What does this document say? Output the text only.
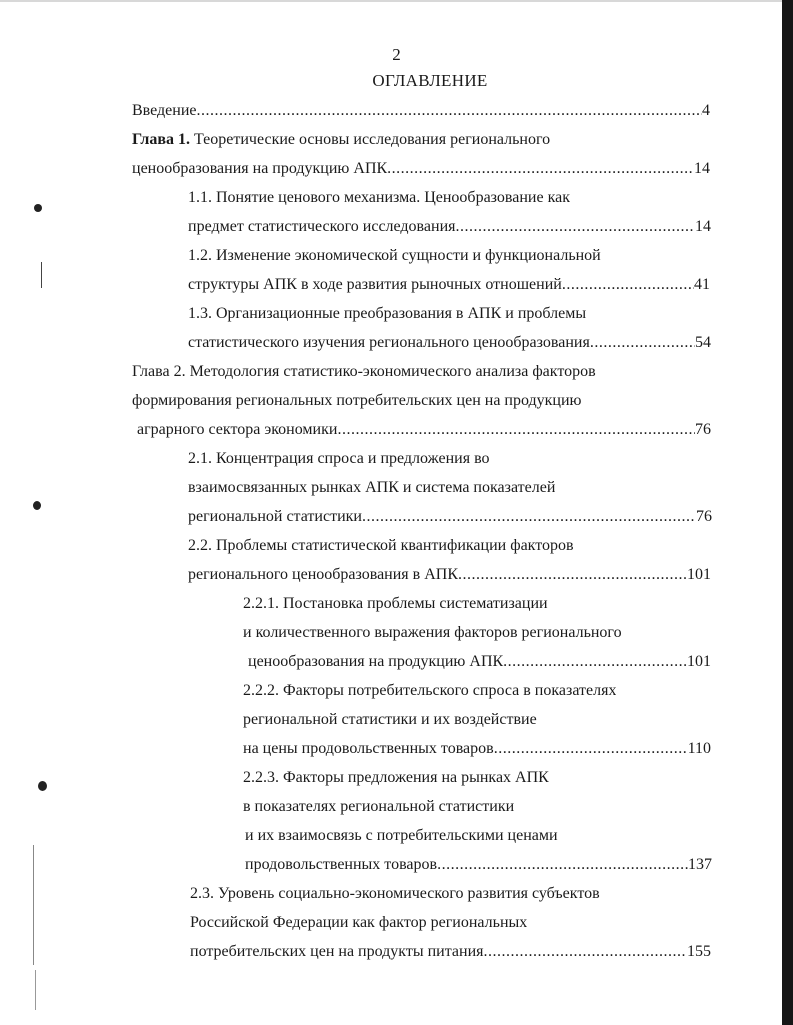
2
ОГЛАВЛЕНИЕ
Введение .....	4
Глава 1. Теоретические основы исследования регионального
ценообразования на продукцию АПК .....	14
1.1. Понятие ценового механизма. Ценообразование как
предмет статистического исследования .....	14
1.2. Изменение экономической сущности и функциональной
структуры АПК в ходе развития рыночных отношений .....	41
1.3. Организационные преобразования в АПК и проблемы
статистического изучения регионального ценообразования .....	54
Глава 2. Методология статистико-экономического анализа факторов
формирования региональных потребительских цен на продукцию
аграрного сектора экономики .....	76
2.1. Концентрация спроса и предложения во
взаимосвязанных рынках АПК и система показателей
региональной статистики .....	76
2.2. Проблемы статистической квантификации факторов
регионального ценообразования в АПК .....	101
2.2.1. Постановка проблемы систематизации
и количественного выражения факторов регионального
ценообразования на продукцию АПК .....	101
2.2.2. Факторы потребительского спроса в показателях
региональной статистики и их воздействие
на цены продовольственных товаров .....	110
2.2.3. Факторы предложения на рынках АПК
в показателях региональной статистики
и их взаимосвязь с потребительскими ценами
продовольственных товаров .....	137
2.3. Уровень социально-экономического развития субъектов
Российской Федерации как фактор региональных
потребительских цен на продукты питания .....	155
